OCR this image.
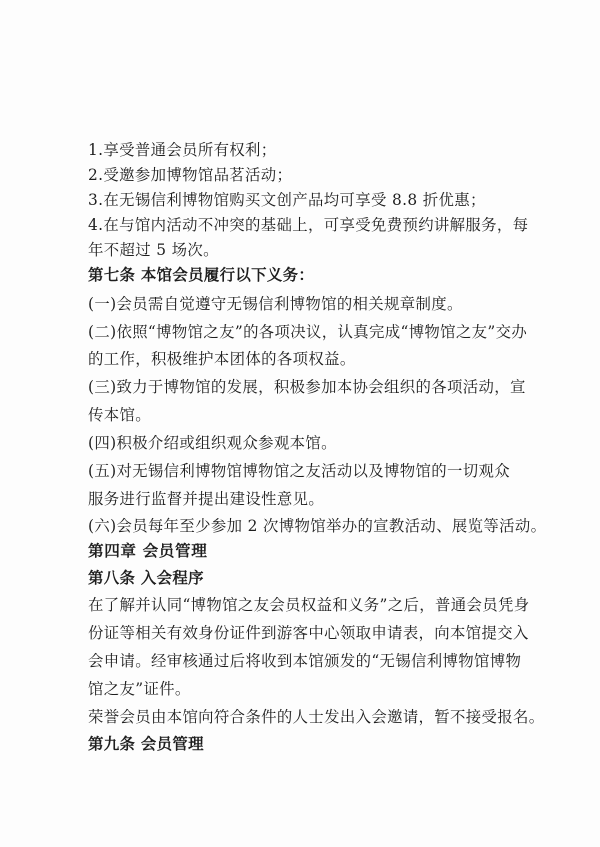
1.享受普通会员所有权利；
2.受邀参加博物馆品茗活动；
3.在无锡信利博物馆购买文创产品均可享受 8.8 折优惠；
4.在与馆内活动不冲突的基础上，可享受免费预约讲解服务，每
年不超过 5 场次。
第七条 本馆会员履行以下义务：
(一)会员需自觉遵守无锡信利博物馆的相关规章制度。
(二)依照“博物馆之友”的各项决议，认真完成“博物馆之友”交办
的工作，积极维护本团体的各项权益。
(三)致力于博物馆的发展，积极参加本协会组织的各项活动，宣
传本馆。
(四)积极介绍或组织观众参观本馆。
(五)对无锡信利博物馆博物馆之友活动以及博物馆的一切观众
服务进行监督并提出建设性意见。
(六)会员每年至少参加 2 次博物馆举办的宣教活动、展览等活动。
第四章 会员管理
第八条 入会程序
在了解并认同“博物馆之友会员权益和义务”之后，普通会员凭身
份证等相关有效身份证件到游客中心领取申请表，向本馆提交入
会申请。经审核通过后将收到本馆颁发的“无锡信利博物馆博物
馆之友”证件。
荣誉会员由本馆向符合条件的人士发出入会邀请，暂不接受报名。
第九条 会员管理
